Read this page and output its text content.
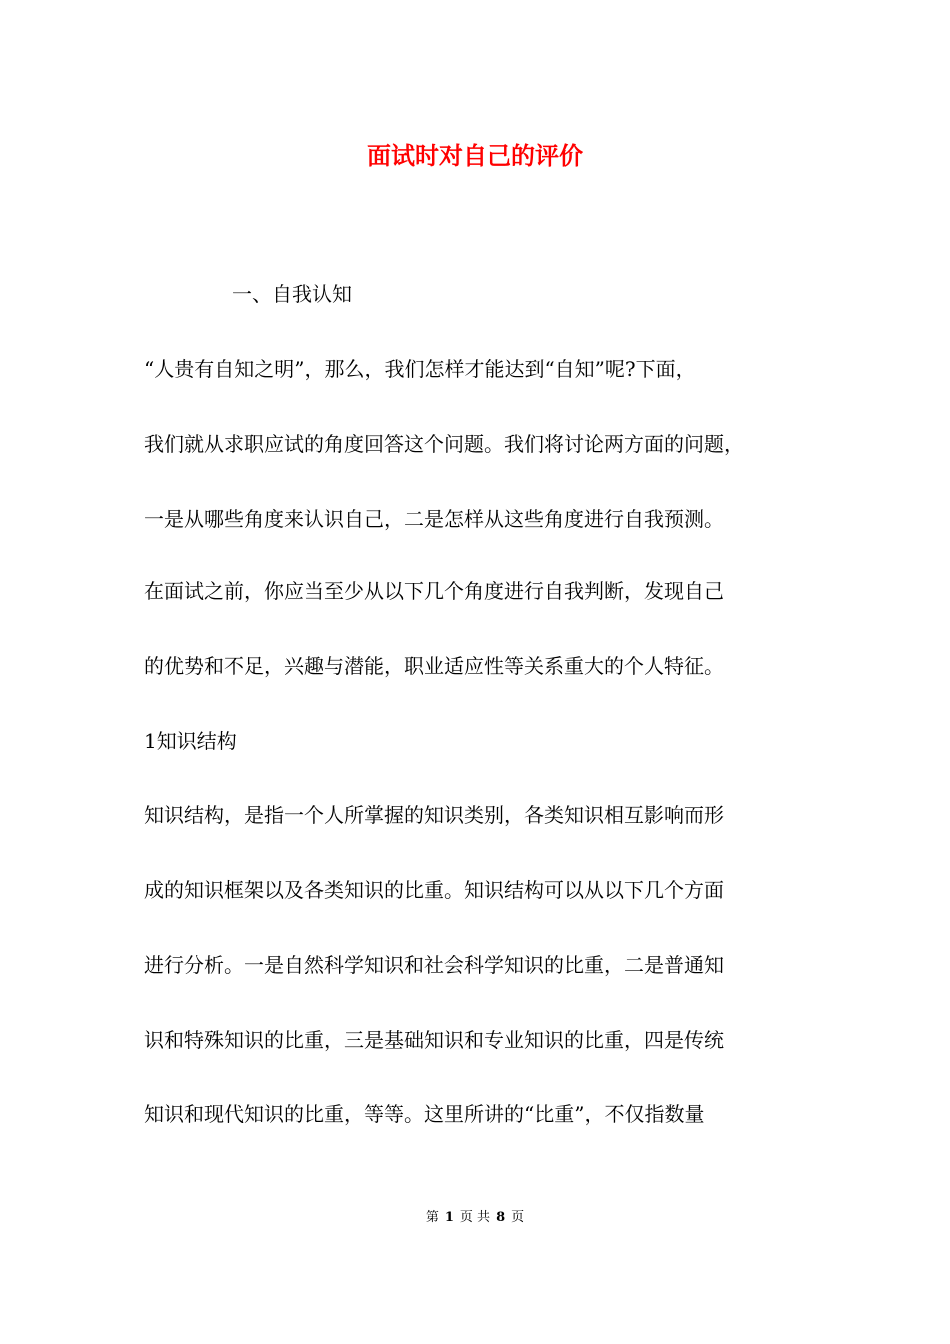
面试时对自己的评价

一、自我认知

“人贵有自知之明”，那么，我们怎样才能达到“自知”呢?下面，

我们就从求职应试的角度回答这个问题。我们将讨论两方面的问题，

一是从哪些角度来认识自己，二是怎样从这些角度进行自我预测。

在面试之前，你应当至少从以下几个角度进行自我判断，发现自己

的优势和不足，兴趣与潜能，职业适应性等关系重大的个人特征。

1知识结构

知识结构，是指一个人所掌握的知识类别，各类知识相互影响而形

成的知识框架以及各类知识的比重。知识结构可以从以下几个方面

进行分析。一是自然科学知识和社会科学知识的比重，二是普通知

识和特殊知识的比重，三是基础知识和专业知识的比重，四是传统

知识和现代知识的比重，等等。这里所讲的“比重”，不仅指数量

第 1 页 共 8 页
